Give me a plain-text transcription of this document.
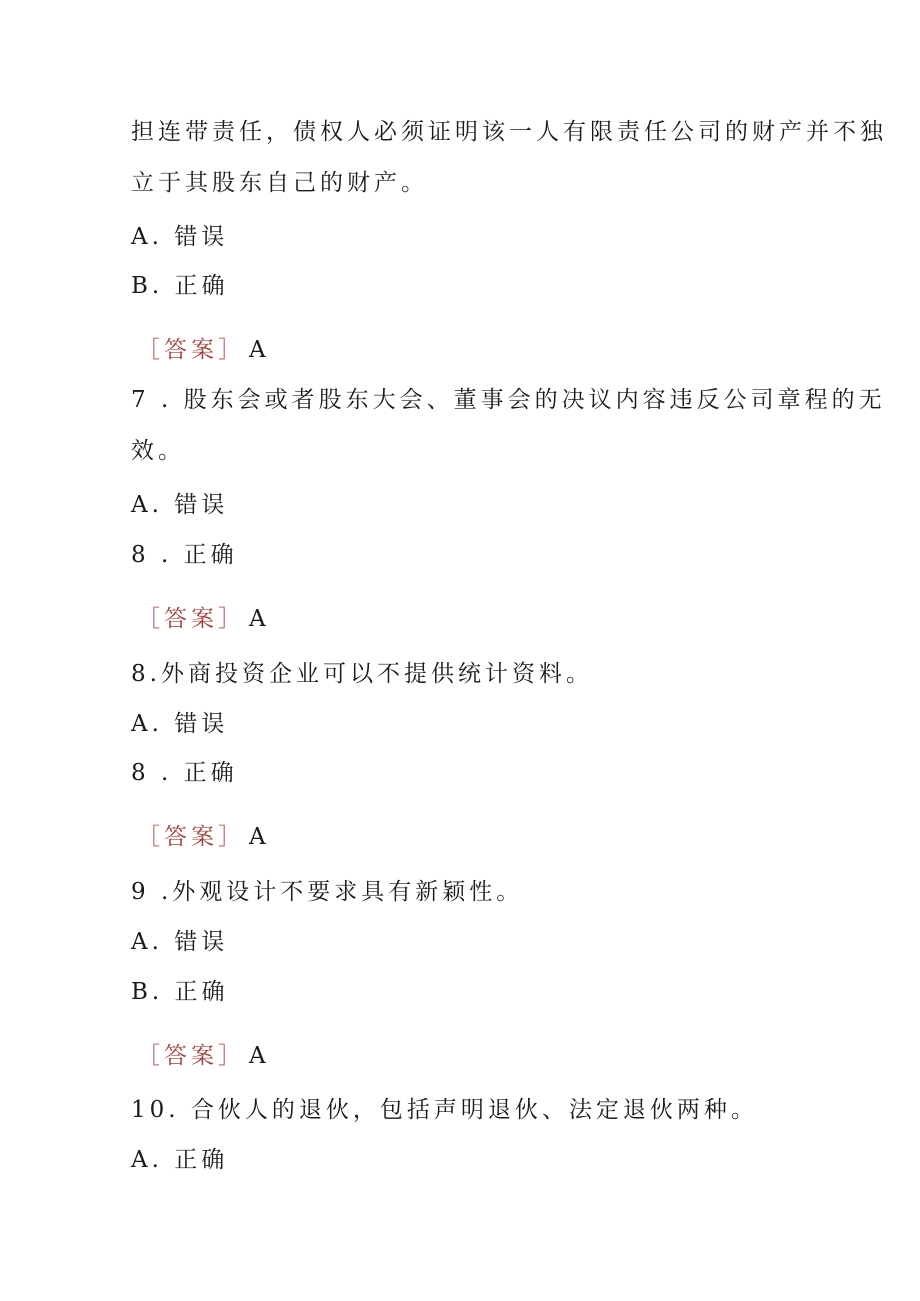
担连带责任，债权人必须证明该一人有限责任公司的财产并不独
立于其股东自己的财产。
A. 错误
B. 正确
［答案］ A
7 . 股东会或者股东大会、董事会的决议内容违反公司章程的无
效。
A. 错误
8 . 正确
［答案］ A
8.外商投资企业可以不提供统计资料。
A. 错误
8 . 正确
［答案］ A
9 .外观设计不要求具有新颖性。
A. 错误
B. 正确
［答案］ A
10. 合伙人的退伙，包括声明退伙、法定退伙两种。
A. 正确
